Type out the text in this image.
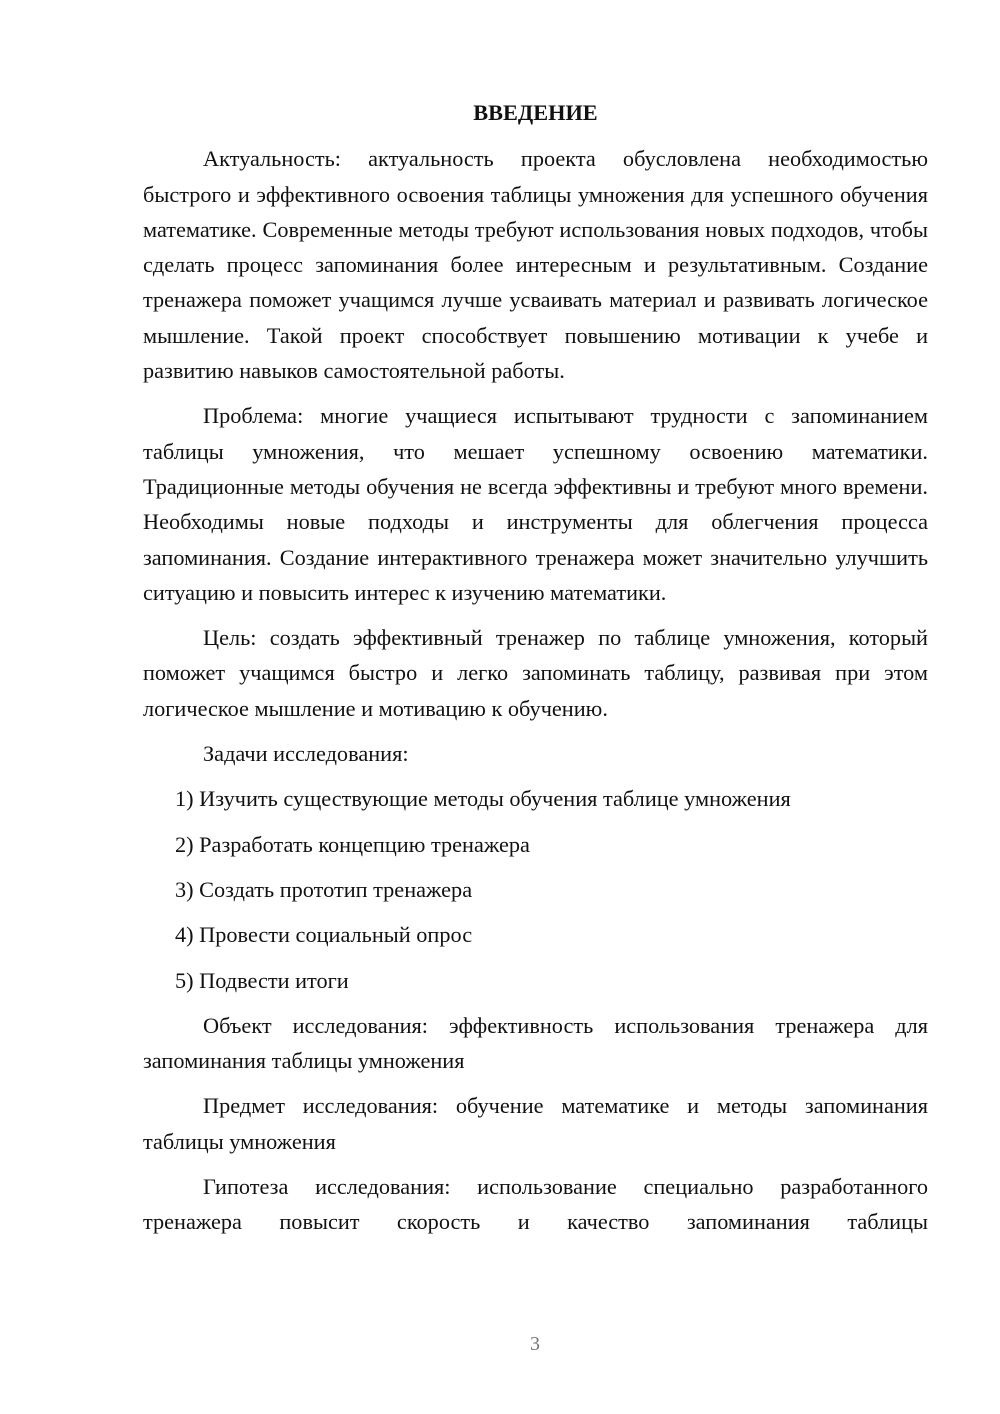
ВВЕДЕНИЕ

Актуальность: актуальность проекта обусловлена необходимостью быстрого и эффективного освоения таблицы умножения для успешного обучения математике. Современные методы требуют использования новых подходов, чтобы сделать процесс запоминания более интересным и результативным. Создание тренажера поможет учащимся лучше усваивать материал и развивать логическое мышление. Такой проект способствует повышению мотивации к учебе и развитию навыков самостоятельной работы.

Проблема: многие учащиеся испытывают трудности с запоминанием таблицы умножения, что мешает успешному освоению математики. Традиционные методы обучения не всегда эффективны и требуют много времени. Необходимы новые подходы и инструменты для облегчения процесса запоминания. Создание интерактивного тренажера может значительно улучшить ситуацию и повысить интерес к изучению математики.

Цель: создать эффективный тренажер по таблице умножения, который поможет учащимся быстро и легко запоминать таблицу, развивая при этом логическое мышление и мотивацию к обучению.

Задачи исследования:
1) Изучить существующие методы обучения таблице умножения
2) Разработать концепцию тренажера
3) Создать прототип тренажера
4) Провести социальный опрос
5) Подвести итоги

Объект исследования: эффективность использования тренажера для запоминания таблицы умножения

Предмет исследования: обучение математике и методы запоминания таблицы умножения

Гипотеза исследования: использование специально разработанного тренажера повысит скорость и качество запоминания таблицы

3
